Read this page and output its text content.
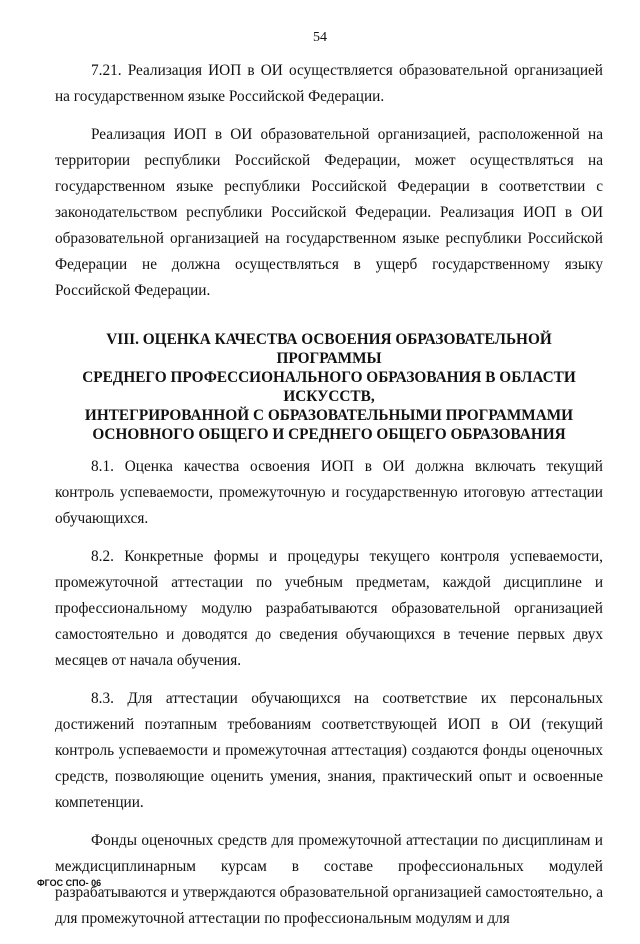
54

7.21. Реализация ИОП в ОИ осуществляется образовательной организацией на государственном языке Российской Федерации.

Реализация ИОП в ОИ образовательной организацией, расположенной на территории республики Российской Федерации, может осуществляться на государственном языке республики Российской Федерации в соответствии с законодательством республики Российской Федерации. Реализация ИОП в ОИ образовательной организацией на государственном языке республики Российской Федерации не должна осуществляться в ущерб государственному языку Российской Федерации.

VIII. ОЦЕНКА КАЧЕСТВА ОСВОЕНИЯ ОБРАЗОВАТЕЛЬНОЙ ПРОГРАММЫ
СРЕДНЕГО ПРОФЕССИОНАЛЬНОГО ОБРАЗОВАНИЯ В ОБЛАСТИ ИСКУССТВ,
ИНТЕГРИРОВАННОЙ С ОБРАЗОВАТЕЛЬНЫМИ ПРОГРАММАМИ
ОСНОВНОГО ОБЩЕГО И СРЕДНЕГО ОБЩЕГО ОБРАЗОВАНИЯ

8.1. Оценка качества освоения ИОП в ОИ должна включать текущий контроль успеваемости, промежуточную и государственную итоговую аттестации обучающихся.

8.2. Конкретные формы и процедуры текущего контроля успеваемости, промежуточной аттестации по учебным предметам, каждой дисциплине и профессиональному модулю разрабатываются образовательной организацией самостоятельно и доводятся до сведения обучающихся в течение первых двух месяцев от начала обучения.

8.3. Для аттестации обучающихся на соответствие их персональных достижений поэтапным требованиям соответствующей ИОП в ОИ (текущий контроль успеваемости и промежуточная аттестация) создаются фонды оценочных средств, позволяющие оценить умения, знания, практический опыт и освоенные компетенции.

Фонды оценочных средств для промежуточной аттестации по дисциплинам и междисциплинарным курсам в составе профессиональных модулей разрабатываются и утверждаются образовательной организацией самостоятельно, а для промежуточной аттестации по профессиональным модулям и для

ФГОС СПО- 06
